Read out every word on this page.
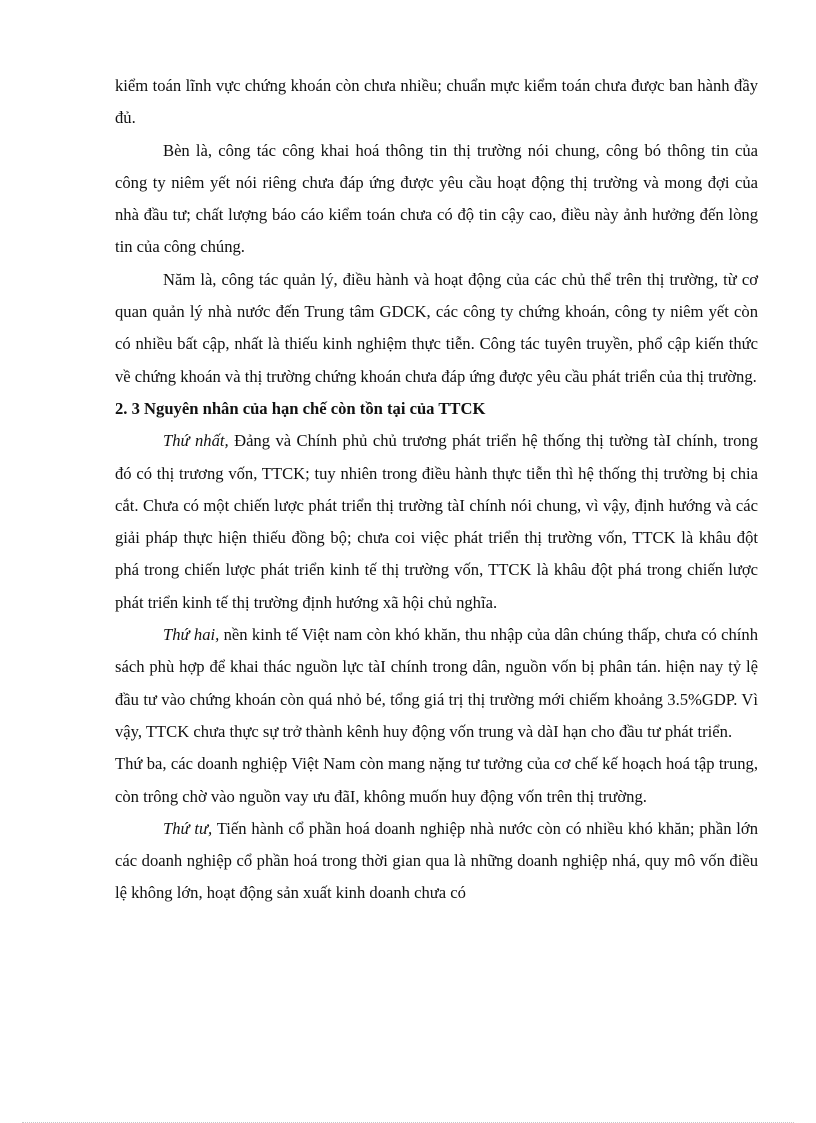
kiểm toán lĩnh vực chứng khoán còn chưa nhiều; chuẩn mực kiểm toán chưa được ban hành đầy đủ.

Bèn là, công tác công khai hoá thông tin thị trường nói chung, công bó thông tin của công ty niêm yết nói riêng chưa đáp ứng được yêu cầu hoạt động thị trường và mong đợi của nhà đầu tư; chất lượng báo cáo kiểm toán chưa có độ tin cậy cao, điều này ảnh hưởng đến lòng tin của công chúng.

Năm là, công tác quản lý, điều hành và hoạt động của các chủ thể trên thị trường, từ cơ quan quản lý nhà nước đến Trung tâm GDCK, các công ty chứng khoán, công ty niêm yết còn có nhiều bất cập, nhất là thiếu kinh nghiệm thực tiễn. Công tác tuyên truyền, phổ cập kiến thức về chứng khoán và thị trường chứng khoán chưa đáp ứng được yêu cầu phát triển của thị trường.

2. 3 Nguyên nhân của hạn chế còn tồn tại của TTCK

Thứ nhất, Đảng và Chính phủ chủ trương phát triển hệ thống thị tường tàI chính, trong đó có thị trương vốn, TTCK; tuy nhiên trong điều hành thực tiễn thì hệ thống thị trường bị chia cắt. Chưa có một chiến lược phát triển thị trường tàI chính nói chung, vì vậy, định hướng và các giải pháp thực hiện thiếu đồng bộ; chưa coi việc phát triển thị trường vốn, TTCK là khâu đột phá trong chiến lược phát triển kinh tế thị trường vốn, TTCK là khâu đột phá trong chiến lược phát triển kinh tế thị trường định hướng xã hội chủ nghĩa.

Thứ hai, nền kinh tế Việt nam còn khó khăn, thu nhập của dân chúng thấp, chưa có chính sách phù hợp để khai thác nguồn lực tàI chính trong dân, nguồn vốn bị phân tán. hiện nay tỷ lệ đầu tư vào chứng khoán còn quá nhỏ bé, tổng giá trị thị trường mới chiếm khoảng 3.5%GDP. Vì vậy, TTCK chưa thực sự trở thành kênh huy động vốn trung và dàI hạn cho đầu tư phát triển.

Thứ ba, các doanh nghiệp Việt Nam còn mang nặng tư tưởng của cơ chế kế hoạch hoá tập trung, còn trông chờ vào nguồn vay ưu đãI, không muốn huy động vốn trên thị trường.

Thứ tư, Tiến hành cổ phần hoá doanh nghiệp nhà nước còn có nhiều khó khăn; phần lớn các doanh nghiệp cổ phần hoá trong thời gian qua là những doanh nghiệp nhá, quy mô vốn điều lệ không lớn, hoạt động sản xuất kinh doanh chưa có
